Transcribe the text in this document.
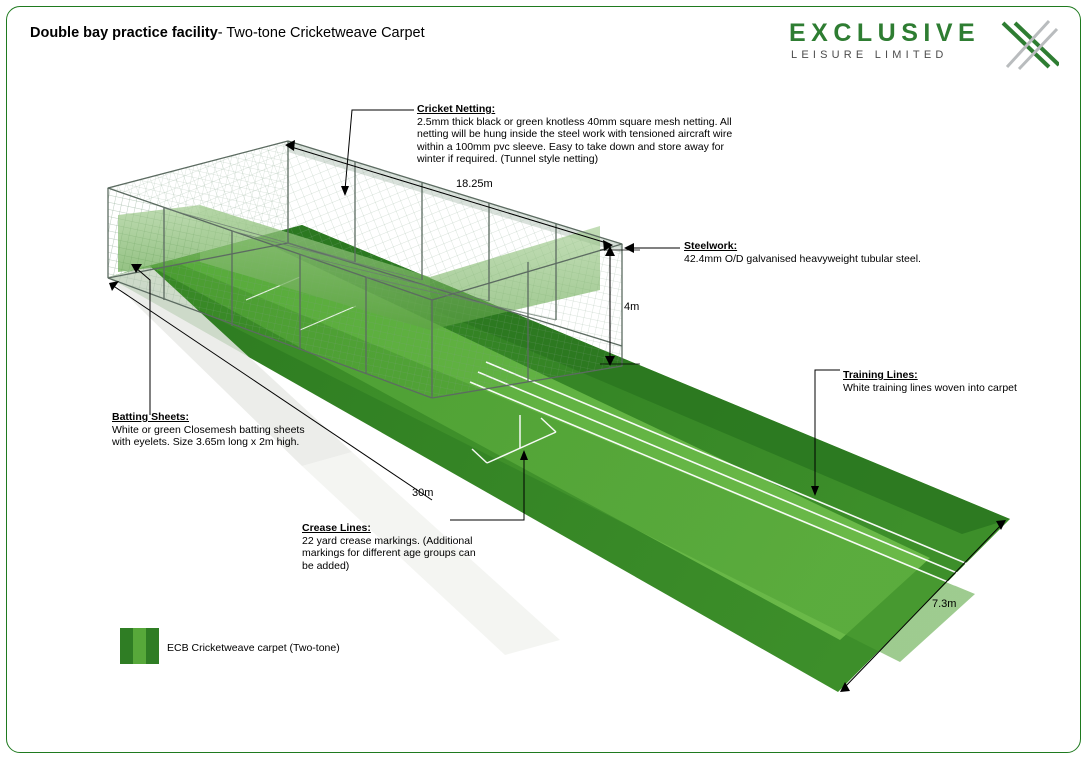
Double bay practice facility- Two-tone Cricketweave Carpet	EXCLUSIVE
LEISURE LIMITED
Cricket Netting:
2.5mm thick black or green knotless 40mm square mesh netting. All netting will be hung inside the steel work with tensioned aircraft wire within a 100mm pvc sleeve. Easy to take down and store away for winter if required. (Tunnel style netting)
Steelwork:
42.4mm O/D galvanised heavyweight tubular steel.
Training Lines:
White training lines woven into carpet
Batting Sheets:
White or green Closemesh batting sheets with eyelets. Size 3.65m long x 2m high.
Crease Lines:
22 yard crease markings. (Additional markings for different age groups can be added)
18.25m
4m
30m
7.3m
ECB Cricketweave carpet (Two-tone)
